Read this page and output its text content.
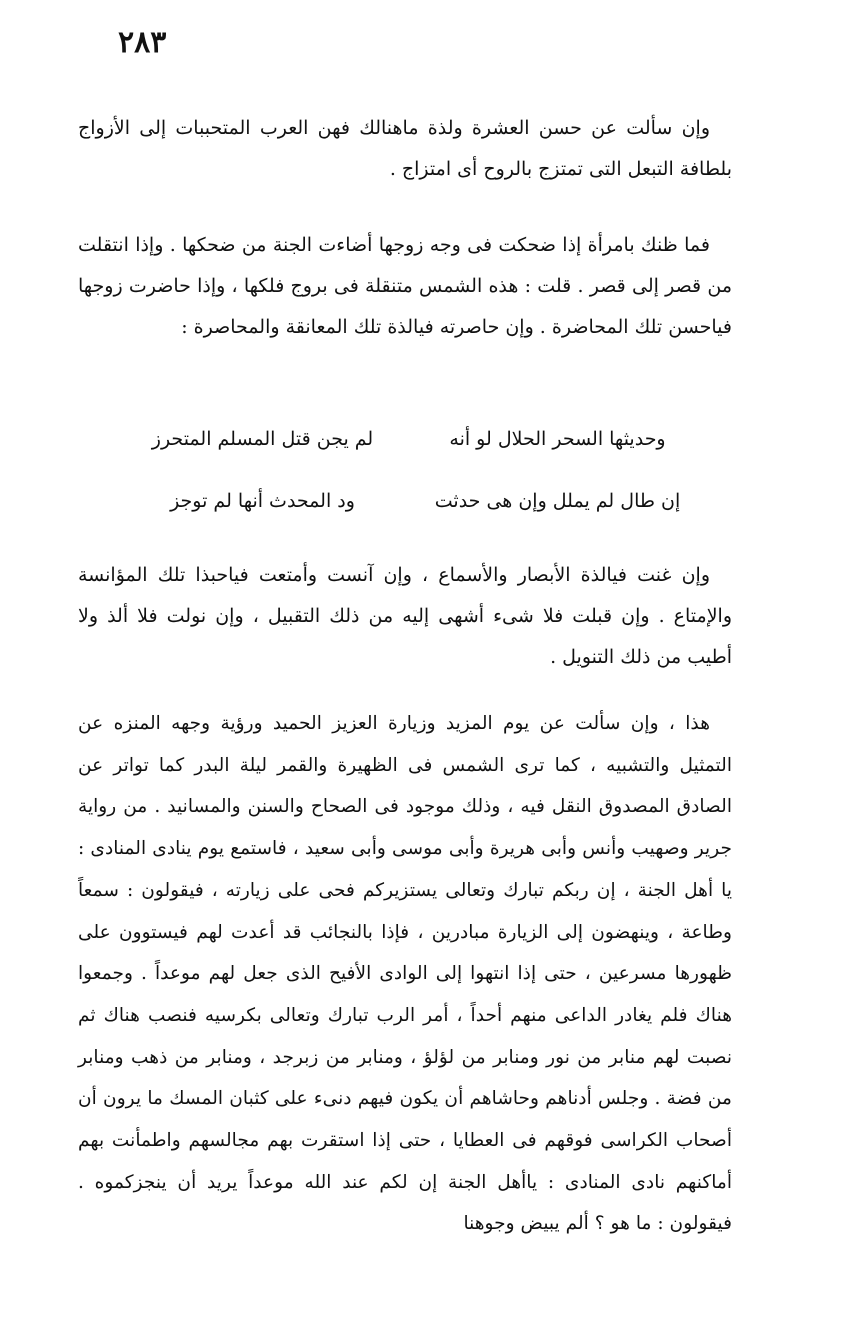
٢٨٣

وإن سألت عن حسن العشرة ولذة ماهنالك فهن العرب المتحببات إلى الأزواج بلطافة التبعل التى تمتزج بالروح أى امتزاج .

فما ظنك بامرأة إذا ضحكت فى وجه زوجها أضاءت الجنة من ضحكها . وإذا انتقلت من قصر إلى قصر . قلت : هذه الشمس متنقلة فى بروج فلكها ، وإذا حاضرت زوجها فياحسن تلك المحاضرة . وإن حاصرته فيالذة تلك المعانقة والمحاصرة :

وحديثها السحر الحلال لو أنه
لم يجن قتل المسلم المتحرز
إن طال لم يملل وإن هى حدثت
ود المحدث أنها لم توجز

وإن غنت فيالذة الأبصار والأسماع ، وإن آنست وأمتعت فياحبذا تلك المؤانسة والإمتاع . وإن قبلت فلا شىء أشهى إليه من ذلك التقبيل ، وإن نولت فلا ألذ ولا أطيب من ذلك التنويل .

هذا ، وإن سألت عن يوم المزيد وزيارة العزيز الحميد ورؤية وجهه المنزه عن التمثيل والتشبيه ، كما ترى الشمس فى الظهيرة والقمر ليلة البدر كما تواتر عن الصادق المصدوق النقل فيه ، وذلك موجود فى الصحاح والسنن والمسانيد . من رواية جرير وصهيب وأنس وأبى هريرة وأبى موسى وأبى سعيد ، فاستمع يوم ينادى المنادى : يا أهل الجنة ، إن ربكم تبارك وتعالى يستزيركم فحى على زيارته ، فيقولون : سمعاً وطاعة ، وينهضون إلى الزيارة مبادرين ، فإذا بالنجائب قد أعدت لهم فيستوون على ظهورها مسرعين ، حتى إذا انتهوا إلى الوادى الأفيح الذى جعل لهم موعداً . وجمعوا هناك فلم يغادر الداعى منهم أحداً ، أمر الرب تبارك وتعالى بكرسيه فنصب هناك ثم نصبت لهم منابر من نور ومنابر من لؤلؤ ، ومنابر من زبرجد ، ومنابر من ذهب ومنابر من فضة . وجلس أدناهم وحاشاهم أن يكون فيهم دنىء على كثبان المسك ما يرون أن أصحاب الكراسى فوقهم فى العطايا ، حتى إذا استقرت بهم مجالسهم واطمأنت بهم أماكنهم نادى المنادى : ياأهل الجنة إن لكم عند الله موعداً يريد أن ينجزكموه . فيقولون : ما هو ؟ ألم يبيض وجوهنا
